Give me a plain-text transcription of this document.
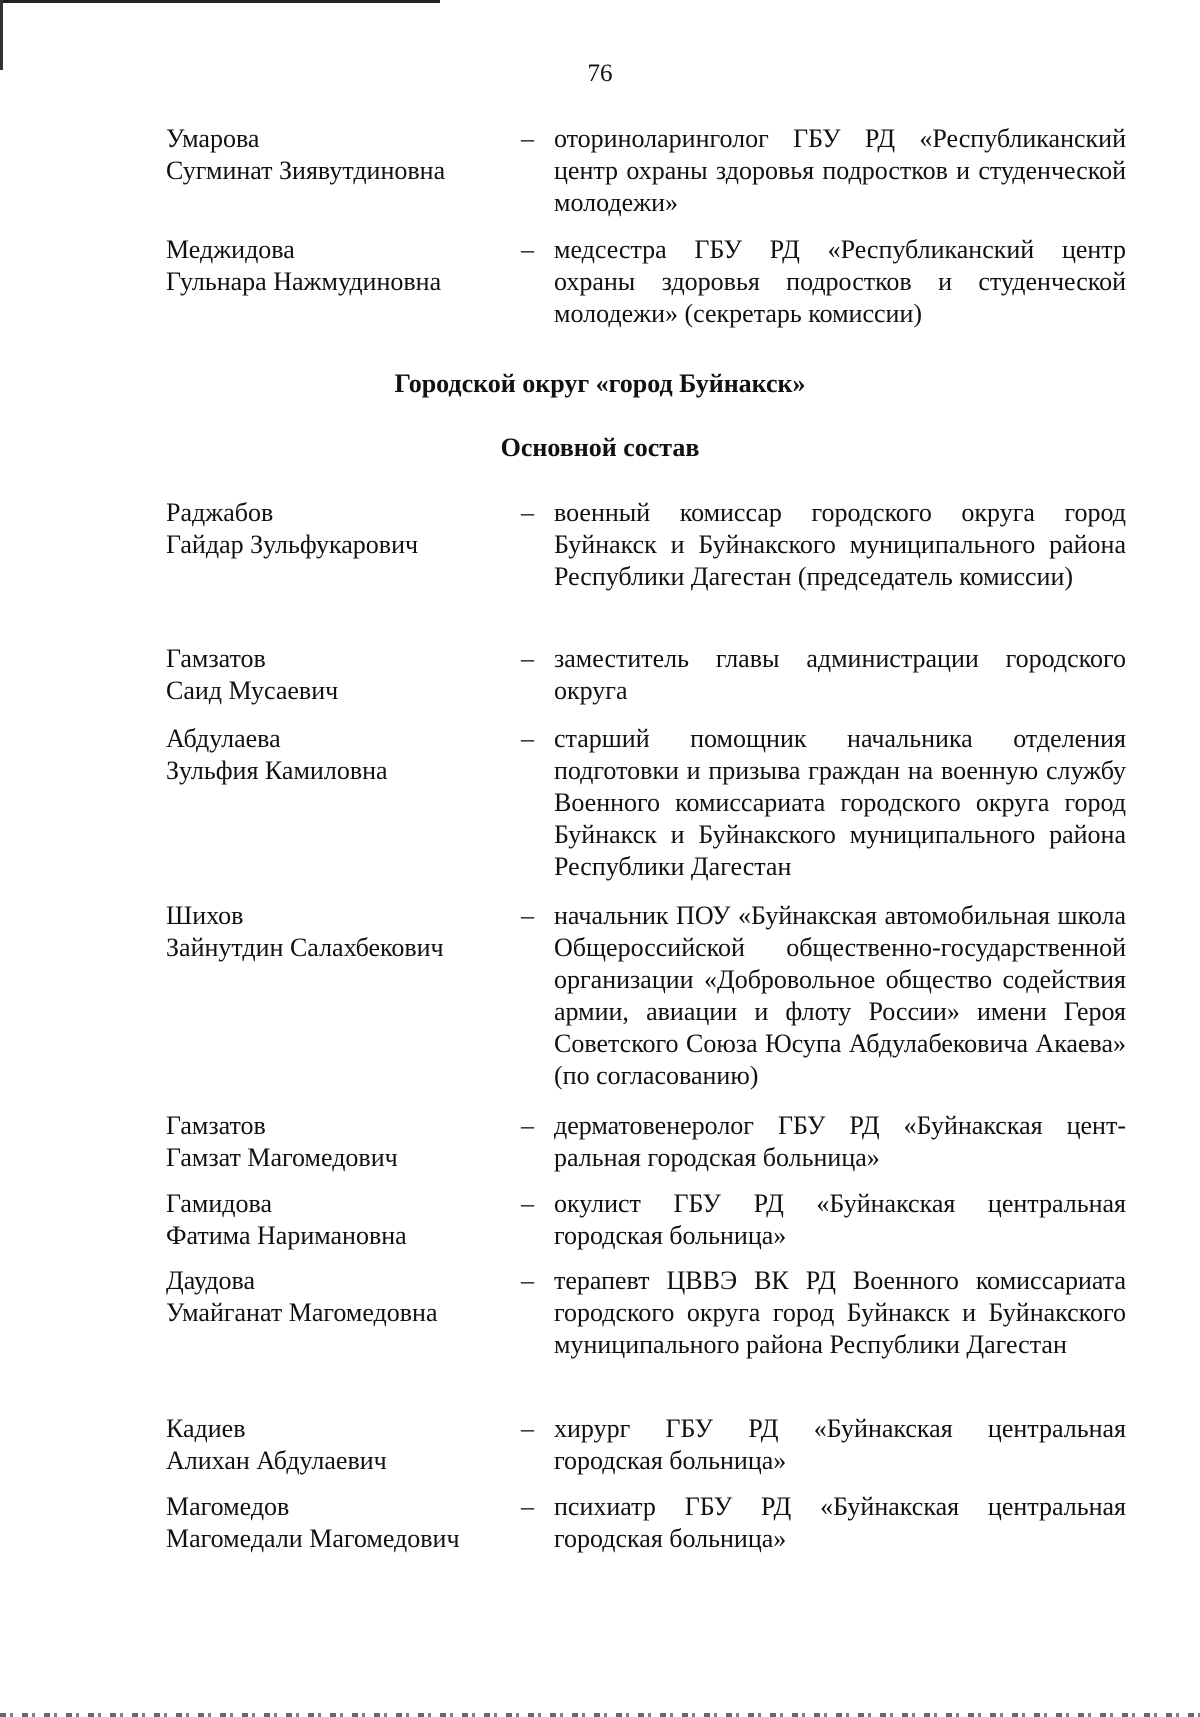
76
Умарова
Сугминат Зиявутдиновна
– оториноларинголог ГБУ РД «Республиканский центр охраны здоровья подростков и студенческой молодежи»
Меджидова
Гульнара Нажмудиновна
– медсестра ГБУ РД «Республиканский центр охраны здоровья подростков и студенческой молодежи» (секретарь комиссии)
Городской округ «город Буйнакск»
Основной состав
Раджабов
Гайдар Зульфукарович
– военный комиссар городского округа город Буйнакск и Буйнакского муниципального района Республики Дагестан (председатель комиссии)
Гамзатов
Саид Мусаевич
– заместитель главы администрации городского округа
Абдулаева
Зульфия Камиловна
– старший помощник начальника отделения подготовки и призыва граждан на военную службу Военного комиссариата городского округа город Буйнакск и Буйнакского муниципального района Республики Дагестан
Шихов
Зайнутдин Салахбекович
– начальник ПОУ «Буйнакская автомобильная школа Общероссийской общественно-государственной организации «Добровольное общество содействия армии, авиации и флоту России» имени Героя Советского Союза Юсупа Абдулабековича Акаева» (по согласованию)
Гамзатов
Гамзат Магомедович
– дерматовенеролог ГБУ РД «Буйнакская центральная городская больница»
Гамидова
Фатима Наримановна
– окулист ГБУ РД «Буйнакская центральная городская больница»
Даудова
Умайганат Магомедовна
– терапевт ЦВВЭ ВК РД Военного комиссариата городского округа город Буйнакск и Буйнакского муниципального района Республики Дагестан
Кадиев
Алихан Абдулаевич
– хирург ГБУ РД «Буйнакская центральная городская больница»
Магомедов
Магомедали Магомедович
– психиатр ГБУ РД «Буйнакская центральная городская больница»
